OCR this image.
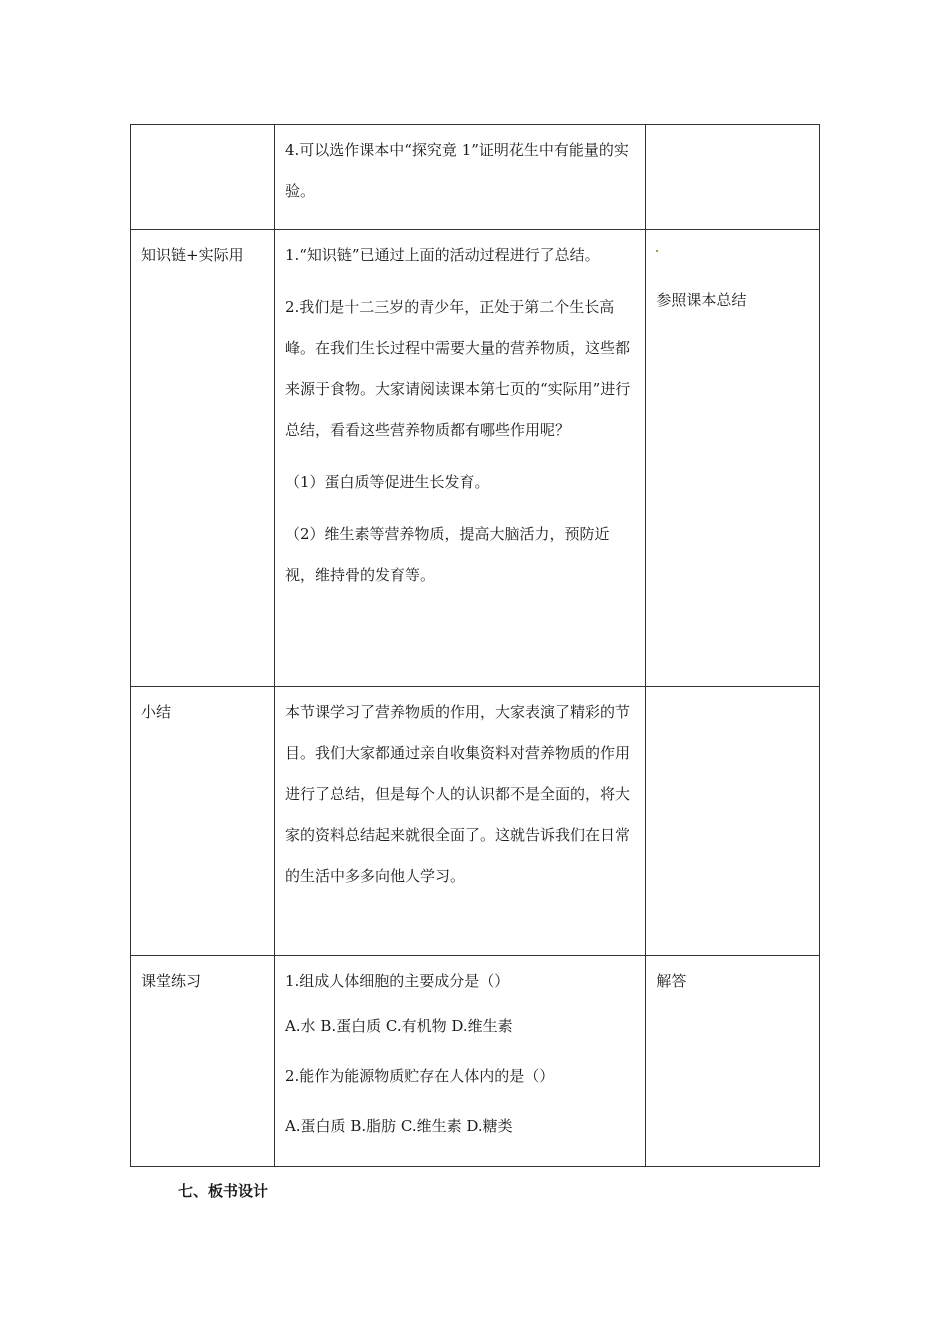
	4.可以选作课本中“探究竟 1”证明花生中有能量的实验。	

知识链+实际用	1.“知识链”已通过上面的活动过程进行了总结。

2.我们是十二三岁的青少年，正处于第二个生长高峰。在我们生长过程中需要大量的营养物质，这些都来源于食物。大家请阅读课本第七页的“实际用”进行总结，看看这些营养物质都有哪些作用呢？

（1）蛋白质等促进生长发育。

（2）维生素等营养物质，提高大脑活力，预防近视，维持骨的发育等。	参照课本总结

小结	本节课学习了营养物质的作用，大家表演了精彩的节目。我们大家都通过亲自收集资料对营养物质的作用进行了总结，但是每个人的认识都不是全面的，将大家的资料总结起来就很全面了。这就告诉我们在日常的生活中多多向他人学习。	

课堂练习	1.组成人体细胞的主要成分是（）

A.水 B.蛋白质 C.有机物 D.维生素

2.能作为能源物质贮存在人体内的是（）

A.蛋白质 B.脂肪 C.维生素 D.糖类	解答

七、板书设计
